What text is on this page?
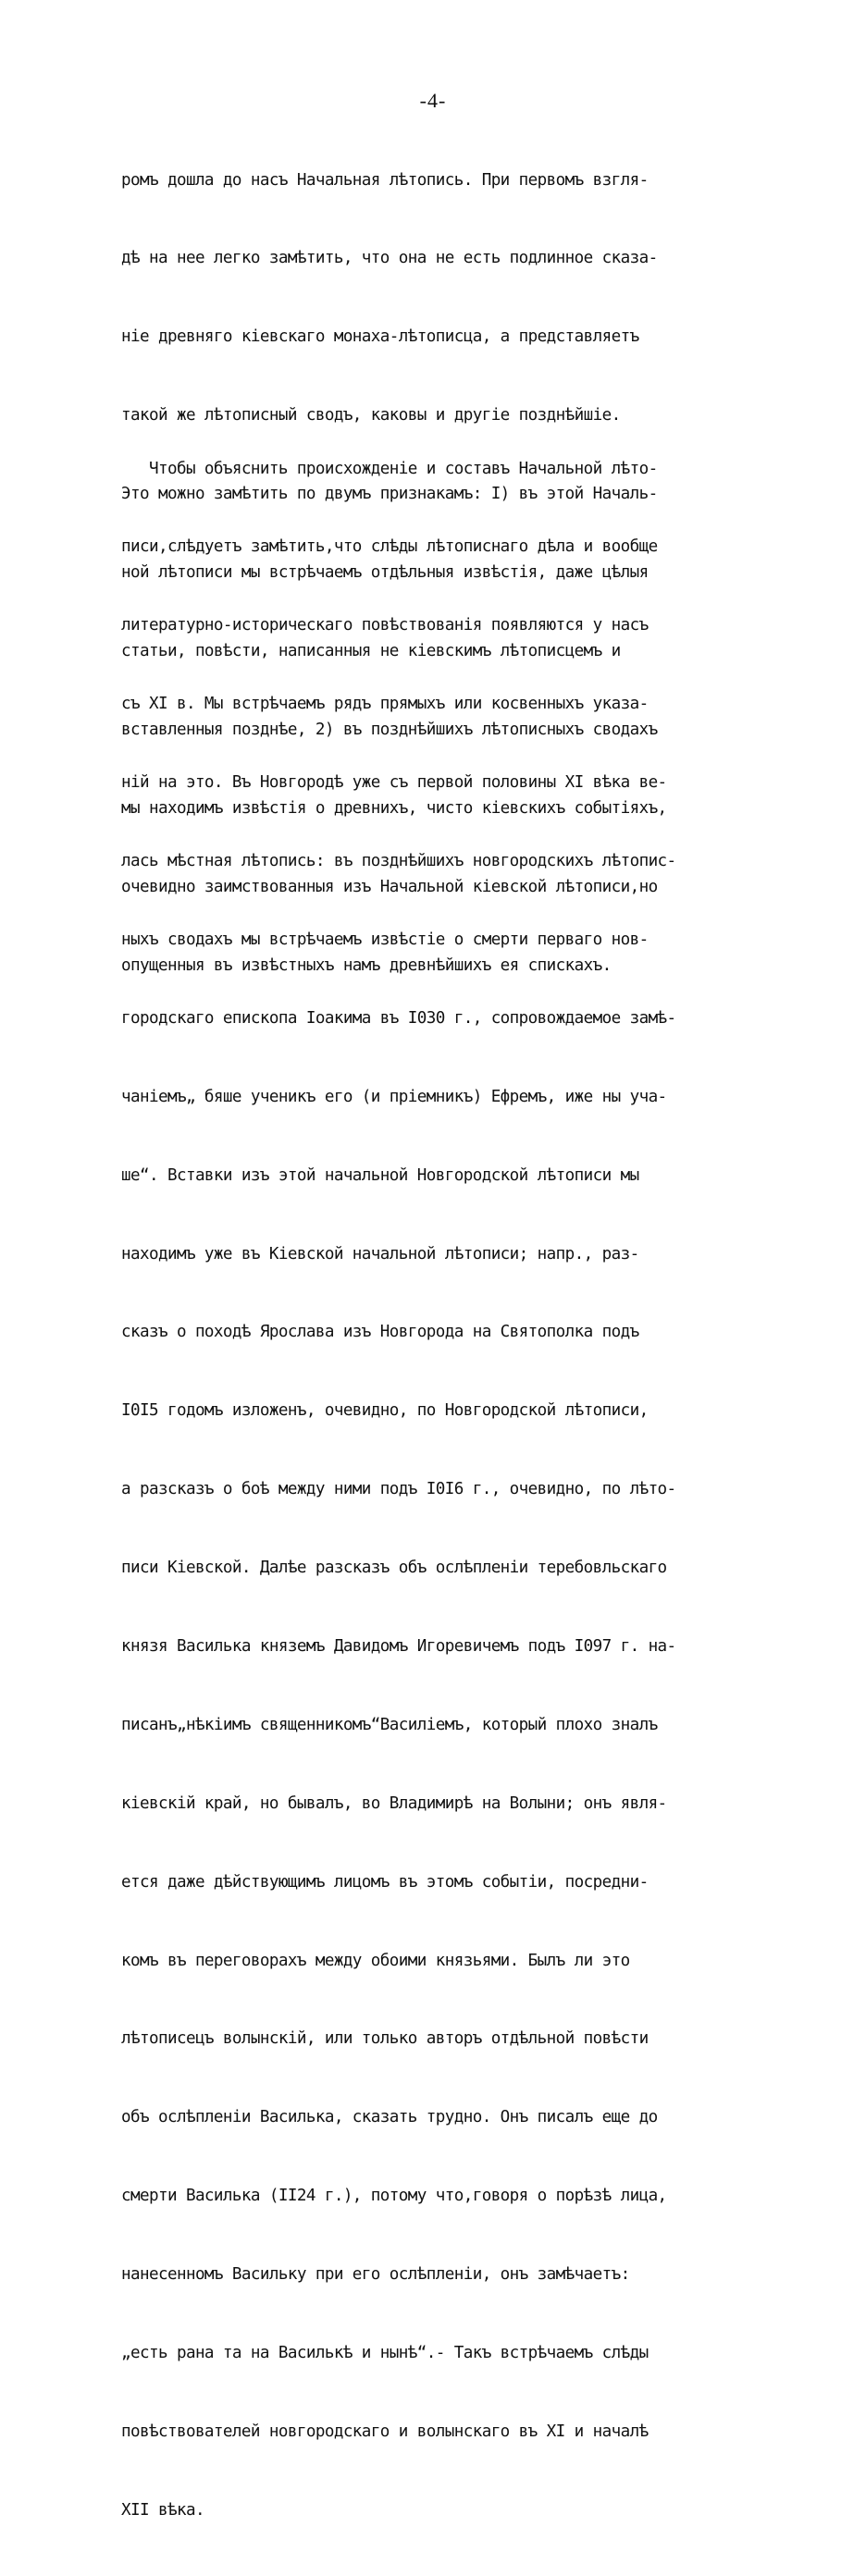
-4-

ромъ дошла до насъ Начальная лѣтопись. При первомъ взгля-

дѣ на нее легко замѣтить, что она не есть подлинное сказа-

ніе древняго кіевскаго монаха-лѣтописца, а представляетъ

такой же лѣтописный сводъ, каковы и другіе позднѣйшіе.

Это можно замѣтить по двумъ признакамъ: I) въ этой Началь-

ной лѣтописи мы встрѣчаемъ отдѣльныя извѣстія, даже цѣлыя

статьи, повѣсти, написанныя не кіевскимъ лѣтописцемъ и

вставленныя позднѣе, 2) въ позднѣйшихъ лѣтописныхъ сводахъ

мы находимъ извѣстія о древнихъ, чисто кіевскихъ событіяхъ,

очевидно заимствованныя изъ Начальной кіевской лѣтописи,но

опущенныя въ извѣстныхъ намъ древнѣйшихъ ея спискахъ.

Чтобы объяснить происхожденіе и составъ Начальной лѣто-

писи,слѣдуетъ замѣтить,что слѣды лѣтописнаго дѣла и вообще

литературно-историческаго повѣствованія появляются у насъ

съ XI в. Мы встрѣчаемъ рядъ прямыхъ или косвенныхъ указа-

ній на это. Въ Новгородѣ уже съ первой половины XI вѣка ве-

лась мѣстная лѣтопись: въ позднѣйшихъ новгородскихъ лѣтопис-

ныхъ сводахъ мы встрѣчаемъ извѣстіе о смерти перваго нов-

городскаго епископа Іоакима въ I030 г., сопровождаемое замѣ-

чаніемъ„ бяше ученикъ его (и пріемникъ) Ефремъ, иже ны уча-

ше“. Вставки изъ этой начальной Новгородской лѣтописи мы

находимъ уже въ Кіевской начальной лѣтописи; напр., раз-

сказъ о походѣ Ярослава изъ Новгорода на Святополка подъ

I0I5 годомъ изложенъ, очевидно, по Новгородской лѣтописи,

а разсказъ о боѣ между ними подъ I0I6 г., очевидно, по лѣто-

писи Кіевской. Далѣе разсказъ объ ослѣпленіи теребовльскаго

князя Василька княземъ Давидомъ Игоревичемъ подъ I097 г. на-

писанъ„нѣкіимъ священникомъ“Василіемъ, который плохо зналъ

кіевскій край, но бывалъ, во Владимирѣ на Волыни; онъ явля-

ется даже дѣйствующимъ лицомъ въ этомъ событіи, посредни-

комъ въ переговорахъ между обоими князьями. Былъ ли это

лѣтописецъ волынскій, или только авторъ отдѣльной повѣсти

объ ослѣпленіи Василька, сказать трудно. Онъ писалъ еще до

смерти Василька (II24 г.), потому что,говоря о порѣзѣ лица,

нанесенномъ Васильку при его ослѣпленіи, онъ замѣчаетъ:

„есть рана та на Василькѣ и нынѣ“.- Такъ встрѣчаемъ слѣды

повѣствователей новгородскаго и волынскаго въ XI и началѣ

XII вѣка.
